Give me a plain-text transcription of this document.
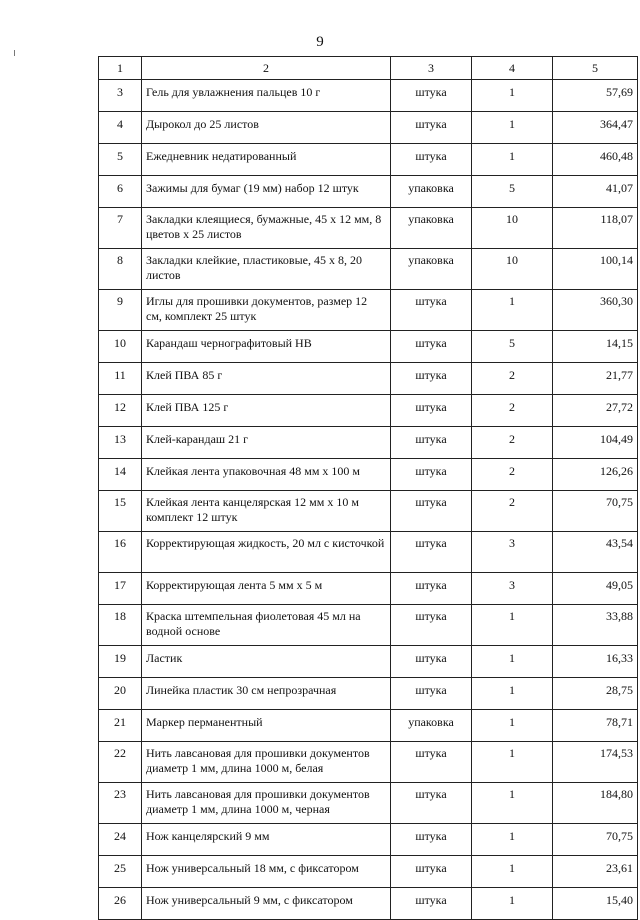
9
1	2	3	4	5
3	Гель для увлажнения пальцев 10 г	штука	1	57,69
4	Дырокол до 25 листов	штука	1	364,47
5	Ежедневник недатированный	штука	1	460,48
6	Зажимы для бумаг (19 мм) набор 12 штук	упаковка	5	41,07
7	Закладки клеящиеся, бумажные, 45 х 12 мм, 8 цветов х 25 листов	упаковка	10	118,07
8	Закладки клейкие, пластиковые, 45 х 8, 20 листов	упаковка	10	100,14
9	Иглы для прошивки документов, размер 12 см, комплект 25 штук	штука	1	360,30
10	Карандаш чернографитовый НВ	штука	5	14,15
11	Клей ПВА 85 г	штука	2	21,77
12	Клей ПВА 125 г	штука	2	27,72
13	Клей-карандаш 21 г	штука	2	104,49
14	Клейкая лента упаковочная 48 мм х 100 м	штука	2	126,26
15	Клейкая лента канцелярская 12 мм х 10 м комплект 12 штук	штука	2	70,75
16	Корректирующая жидкость, 20 мл с кисточкой	штука	3	43,54
17	Корректирующая лента 5 мм х 5 м	штука	3	49,05
18	Краска штемпельная фиолетовая 45 мл на водной основе	штука	1	33,88
19	Ластик	штука	1	16,33
20	Линейка пластик 30 см непрозрачная	штука	1	28,75
21	Маркер перманентный	упаковка	1	78,71
22	Нить лавсановая для прошивки документов диаметр 1 мм, длина 1000 м, белая	штука	1	174,53
23	Нить лавсановая для прошивки документов диаметр 1 мм, длина 1000 м, черная	штука	1	184,80
24	Нож канцелярский 9 мм	штука	1	70,75
25	Нож универсальный 18 мм, с фиксатором	штука	1	23,61
26	Нож универсальный 9 мм, с фиксатором	штука	1	15,40
